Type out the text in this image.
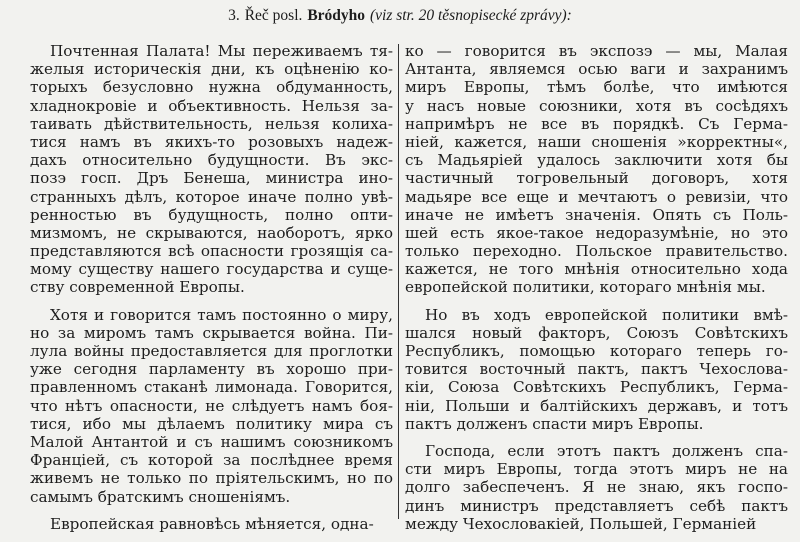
3. Řeč posl. Bródyho (viz str. 20 těsnopisecké zprávy):
Почтенная Палата! Мы переживаемъ тя-
желыя историческія дни, къ оцѣненію ко-
торыхъ безусловно нужна обдуманность,
хладнокровіе и объективность. Нельзя за-
таивать дѣйствительность, нельзя колиха-
тися намъ въ якихъ-то розовыхъ надеж-
дахъ относительно будущности. Въ экс-
позэ госп. Дръ Бенеша, министра ино-
странныхъ дѣлъ, которое иначе полно увѣ-
ренностью въ будущность, полно опти-
мизмомъ, не скрываются, наоборотъ, ярко
представляются всѣ опасности грозящія са-
мому существу нашего государства и суще-
ству современной Европы.
Хотя и говорится тамъ постоянно о миру,
но за миромъ тамъ скрывается война. Пи-
лула войны предоставляется для проглотки
уже сегодня парламенту въ хорошо при-
правленномъ стаканѣ лимонада. Говорится,
что нѣтъ опасности, не слѣдуетъ намъ боя-
тися, ибо мы дѣлаемъ политику мира съ
Малой Антантой и съ нашимъ союзникомъ
Франціей, съ которой за послѣднее время
живемъ не только по пріятельскимъ, но по
самымъ братскимъ сношеніямъ.
Европейская равновѣсь мѣняется, одна-
ко — говорится въ экспозэ — мы, Малая
Антанта, являемся осью ваги и захранимъ
миръ Европы, тѣмъ болѣе, что имѣются
у насъ новые союзники, хотя въ сосѣдяхъ
напримѣръ не все въ порядкѣ. Съ Герма-
ніей, кажется, наши сношенія »корректны«,
съ Мадьяріей удалось заключити хотя бы
частичный тогровельный договоръ, хотя
мадьяре все еще и мечтаютъ о ревизіи, что
иначе не имѣетъ значенія. Опять съ Поль-
шей есть якое-такое недоразумѣніе, но это
только переходно. Польское правительство.
кажется, не того мнѣнія относительно хода
европейской политики, котораго мнѣнія мы.
Но въ ходъ европейской политики вмѣ-
шался новый факторъ, Союзъ Совѣтскихъ
Республикъ, помощью котораго теперь го-
товится восточный пактъ, пактъ Чехослова-
кіи, Союза Совѣтскихъ Республикъ, Герма-
ніи, Польши и балтійскихъ державъ, и тотъ
пактъ долженъ спасти миръ Европы.
Господа, если этотъ пактъ долженъ спа-
сти миръ Европы, тогда этотъ миръ не на
долго забеспеченъ. Я не знаю, якъ госпо-
динъ министръ представляетъ себѣ пактъ
между Чехословакіей, Польшей, Германіей
